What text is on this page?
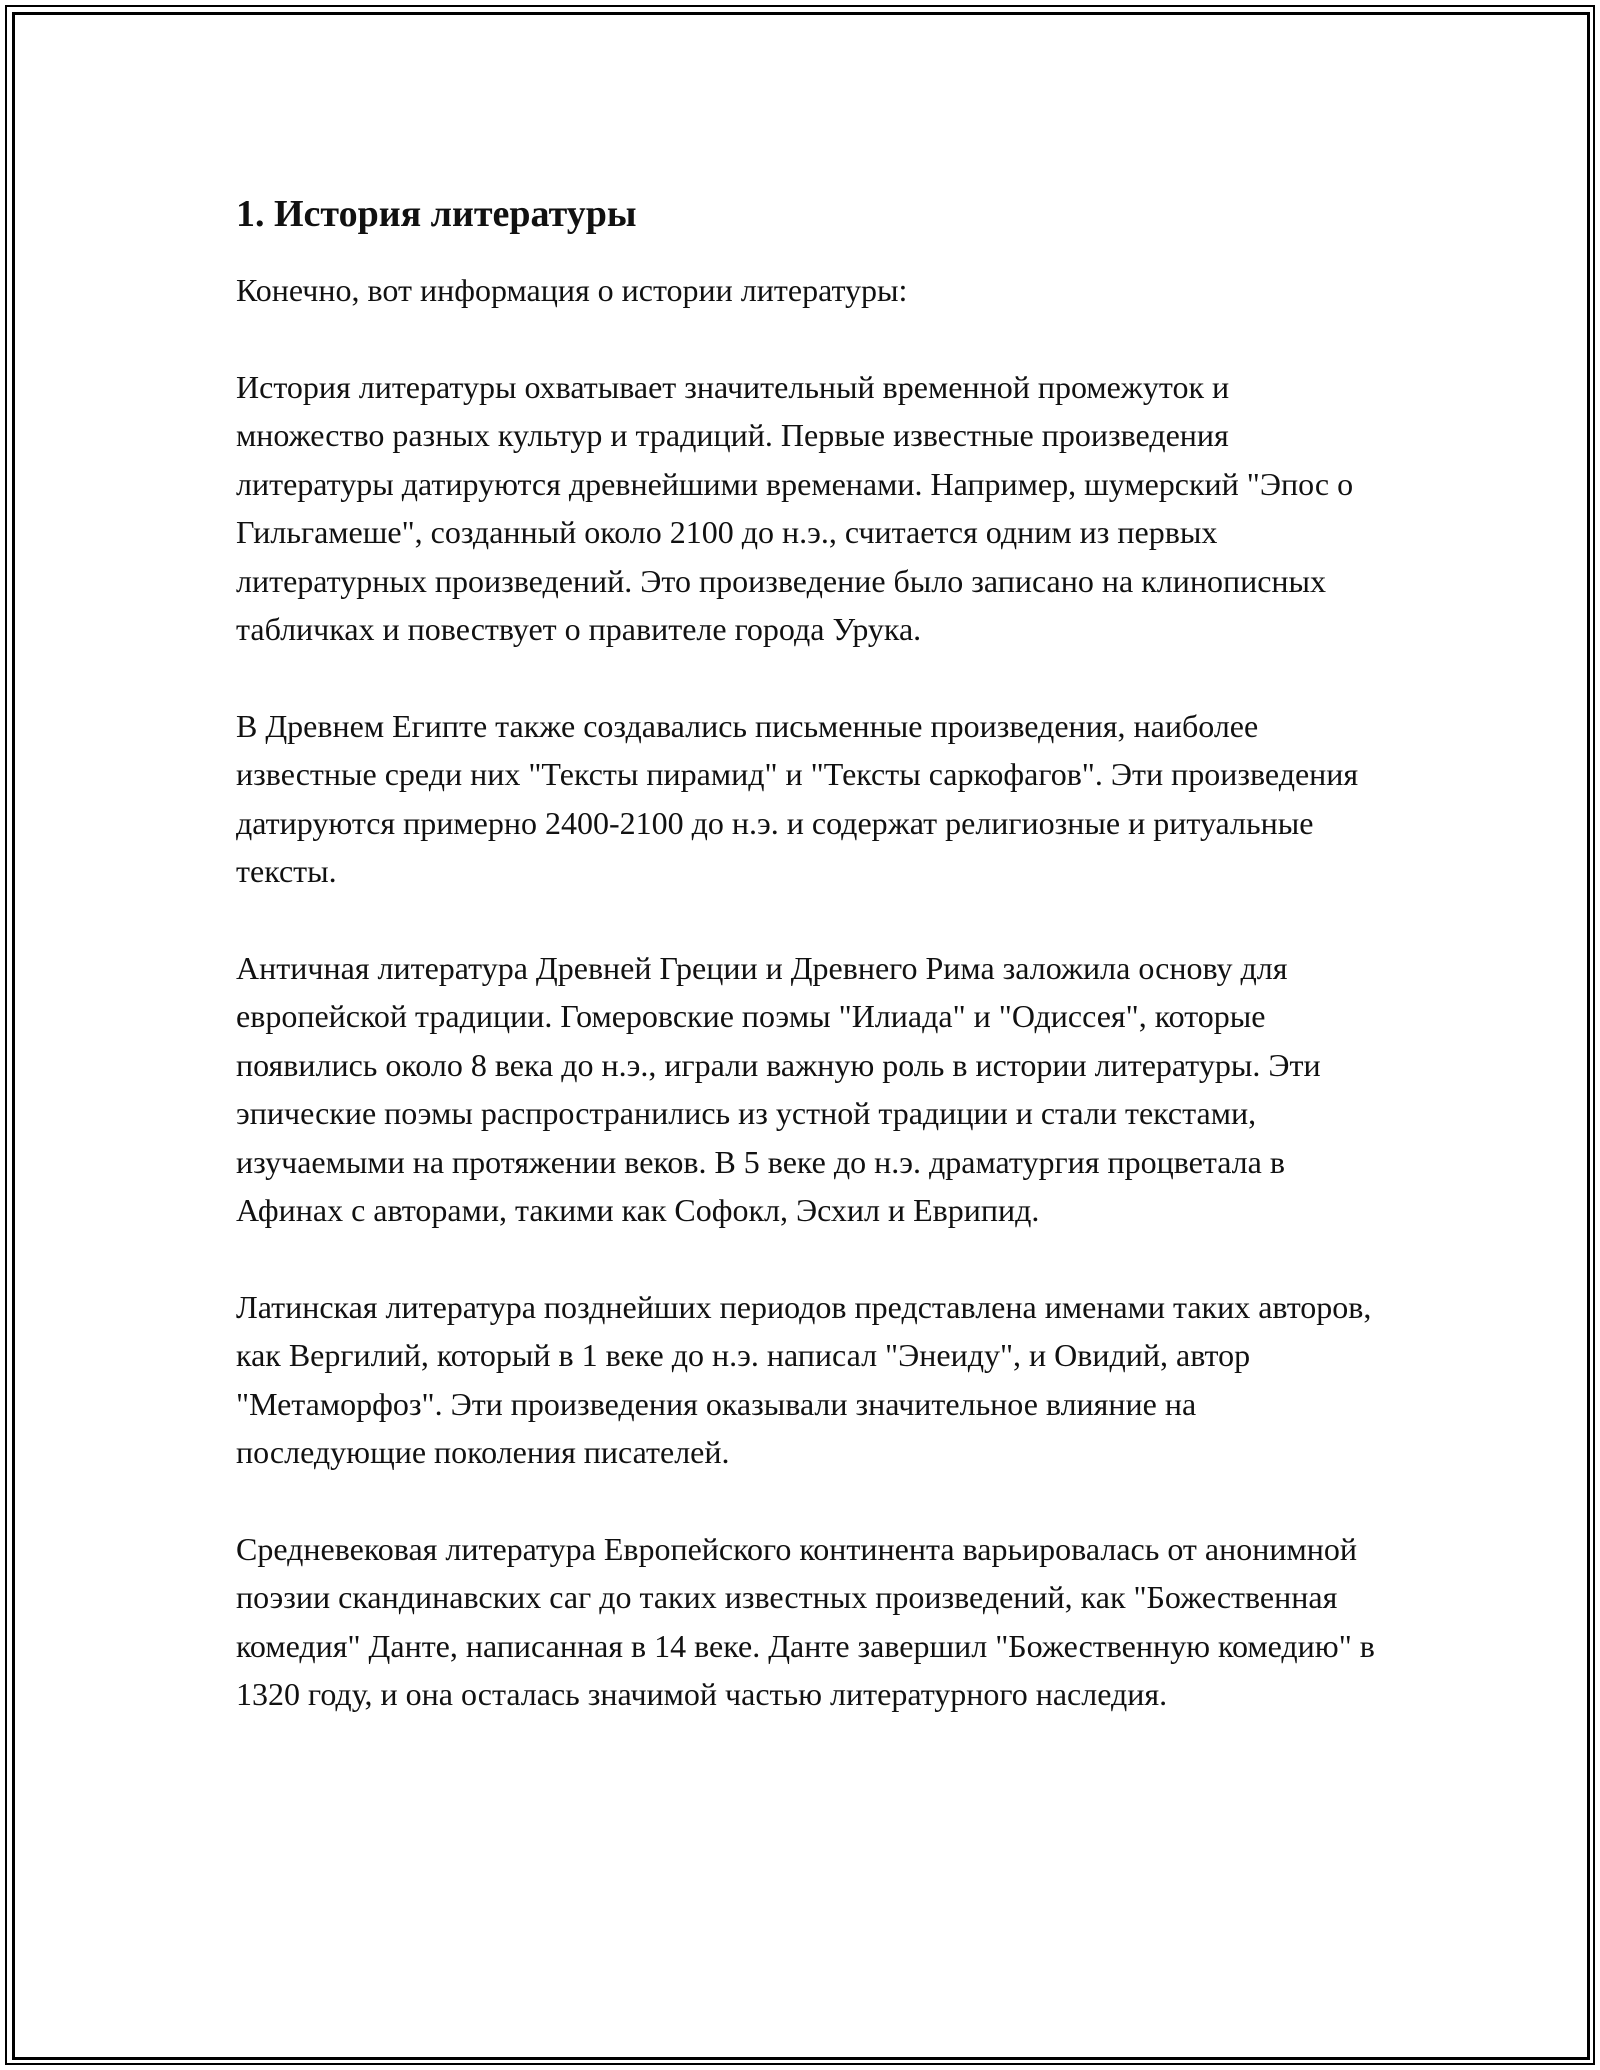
1. История литературы

Конечно, вот информация о истории литературы:

История литературы охватывает значительный временной промежуток и множество разных культур и традиций. Первые известные произведения литературы датируются древнейшими временами. Например, шумерский "Эпос о Гильгамеше", созданный около 2100 до н.э., считается одним из первых литературных произведений. Это произведение было записано на клинописных табличках и повествует о правителе города Урука.

В Древнем Египте также создавались письменные произведения, наиболее известные среди них "Тексты пирамид" и "Тексты саркофагов". Эти произведения датируются примерно 2400-2100 до н.э. и содержат религиозные и ритуальные тексты.

Античная литература Древней Греции и Древнего Рима заложила основу для европейской традиции. Гомеровские поэмы "Илиада" и "Одиссея", которые появились около 8 века до н.э., играли важную роль в истории литературы. Эти эпические поэмы распространились из устной традиции и стали текстами, изучаемыми на протяжении веков. В 5 веке до н.э. драматургия процветала в Афинах с авторами, такими как Софокл, Эсхил и Еврипид.

Латинская литература позднейших периодов представлена именами таких авторов, как Вергилий, который в 1 веке до н.э. написал "Энеиду", и Овидий, автор "Метаморфоз". Эти произведения оказывали значительное влияние на последующие поколения писателей.

Средневековая литература Европейского континента варьировалась от анонимной поэзии скандинавских саг до таких известных произведений, как "Божественная комедия" Данте, написанная в 14 веке. Данте завершил "Божественную комедию" в 1320 году, и она осталась значимой частью литературного наследия.
